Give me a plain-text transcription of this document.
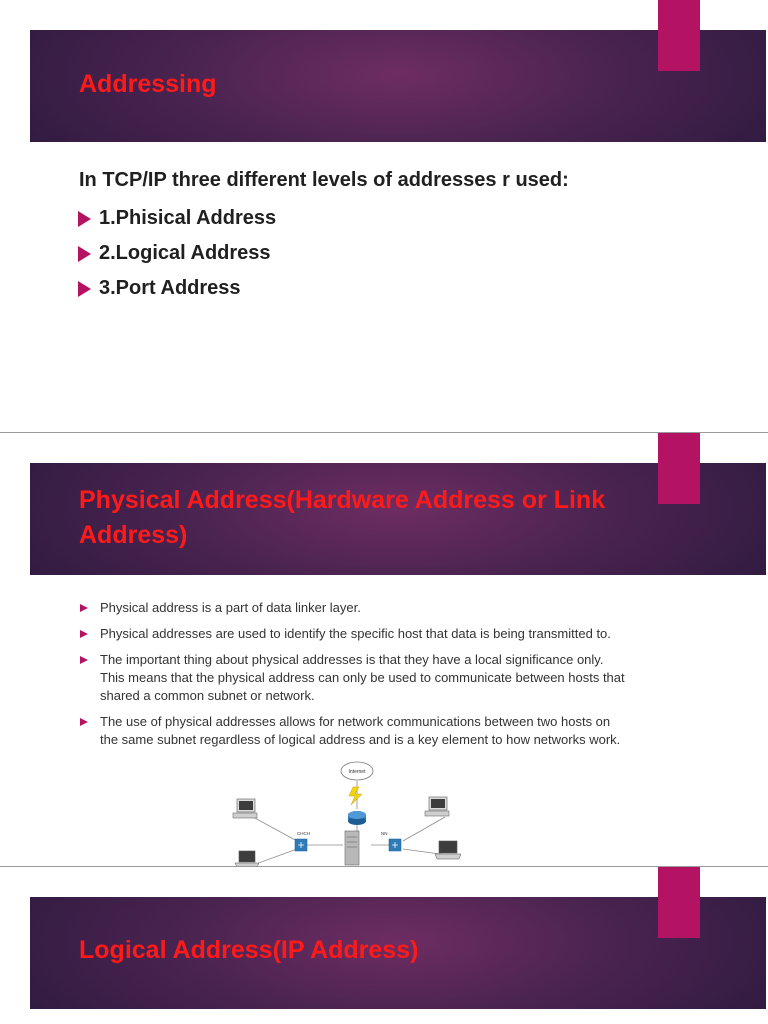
Addressing

In TCP/IP three different levels of addresses r used:

1.Phisical Address
2.Logical Address
3.Port Address
Physical Address(Hardware Address or Link Address)
Physical address is a part of data linker layer.
Physical addresses are used to identify the specific host that data is being transmitted to.
The important thing about physical addresses is that they have a local significance only. This means that the physical address can only be used to communicate between hosts that shared a common subnet or network.
The use of physical addresses allows for network communications between two hosts on the same subnet regardless of logical address and is a key element to how networks work.
Internet
CHCH	NN
Logical Address(IP Address)
